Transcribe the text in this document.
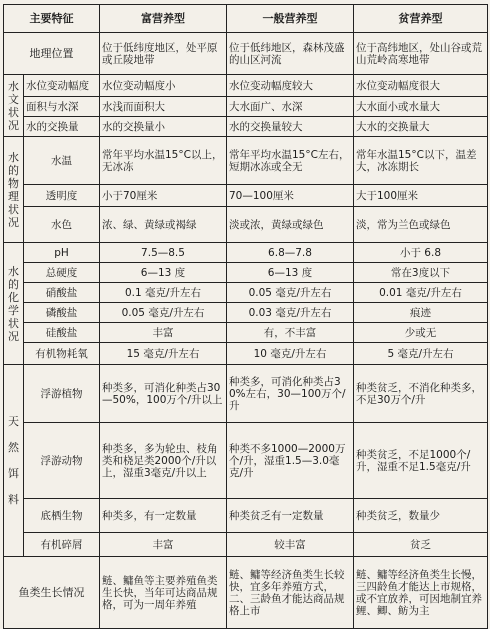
主要特征		富营养型	一般营养型	贫营养型
地理位置		位于低纬度地区，处平原或丘陵地带	位于低纬地区，森林茂盛的山区河流	位于高纬地区，处山谷或荒山荒岭高寒地带
水文状况	水位变动幅度	水位变动幅度小	水位变动幅度较大	水位变动幅度很大
	面积与水深	水浅而面积大	大水面广、水深	大水面小或水量大
	水的交换量	水的交换量小	水的交换量较大	大水的交换量大
水的物理状况	水温	常年平均水温15°C以上，无冰冻	常年平均水温15°C左右，短期冰冻或全无	常年水温15°C以下，温差大，冰冻期长
	透明度	小于70厘米	70—100厘米	大于100厘米
	水色	浓、绿、黄绿或褐绿	淡或浓，黄绿或绿色	淡，常为兰色或绿色
水的化学状况	pH	7.5—8.5	6.8—7.8	小于 6.8
	总硬度	6—13 度	6—13 度	常在3度以下
	硝酸盐	0.1 毫克/升左右	0.05 毫克/升左右	0.01 毫克/升左右
	磷酸盐	0.05 毫克/升左右	0.03 毫克/升左右	痕迹
	硅酸盐	丰富	有，不丰富	少或无
	有机物耗氧	15 毫克/升左右	10 毫克/升左右	5 毫克/升左右
天然饵料	浮游植物	种类多，可消化种类占30—50%，100万个/升以上	种类多，可消化种类占30%左右，30—100万个/升	种类贫乏，不消化种类多，不足30万个/升
	浮游动物	种类多，多为轮虫、枝角类和桡足类2000个/升以上，湿重3毫克/升以上	种类不多1000—2000万个/升，湿重1.5—3.0毫克/升	种类贫乏，不足1000个/升，湿重不足1.5毫克/升
	底栖生物	种类多，有一定数量	种类贫乏有一定数量	种类贫乏，数量少
	有机碎屑	丰富	较丰富	贫乏
鱼类生长情况		鲢、鳙鱼等主要养殖鱼类生长快，当年可达商品规格，可为一周年养殖	鲢、鳙等经济鱼类生长较快，宜多年养殖方式，二、三龄鱼才能达商品规格上市	鲢、鳙等经济鱼类生长慢，三四龄鱼才能达上市规格，或不宜放养，可因地制宜养鲤、鲫、鲂为主
